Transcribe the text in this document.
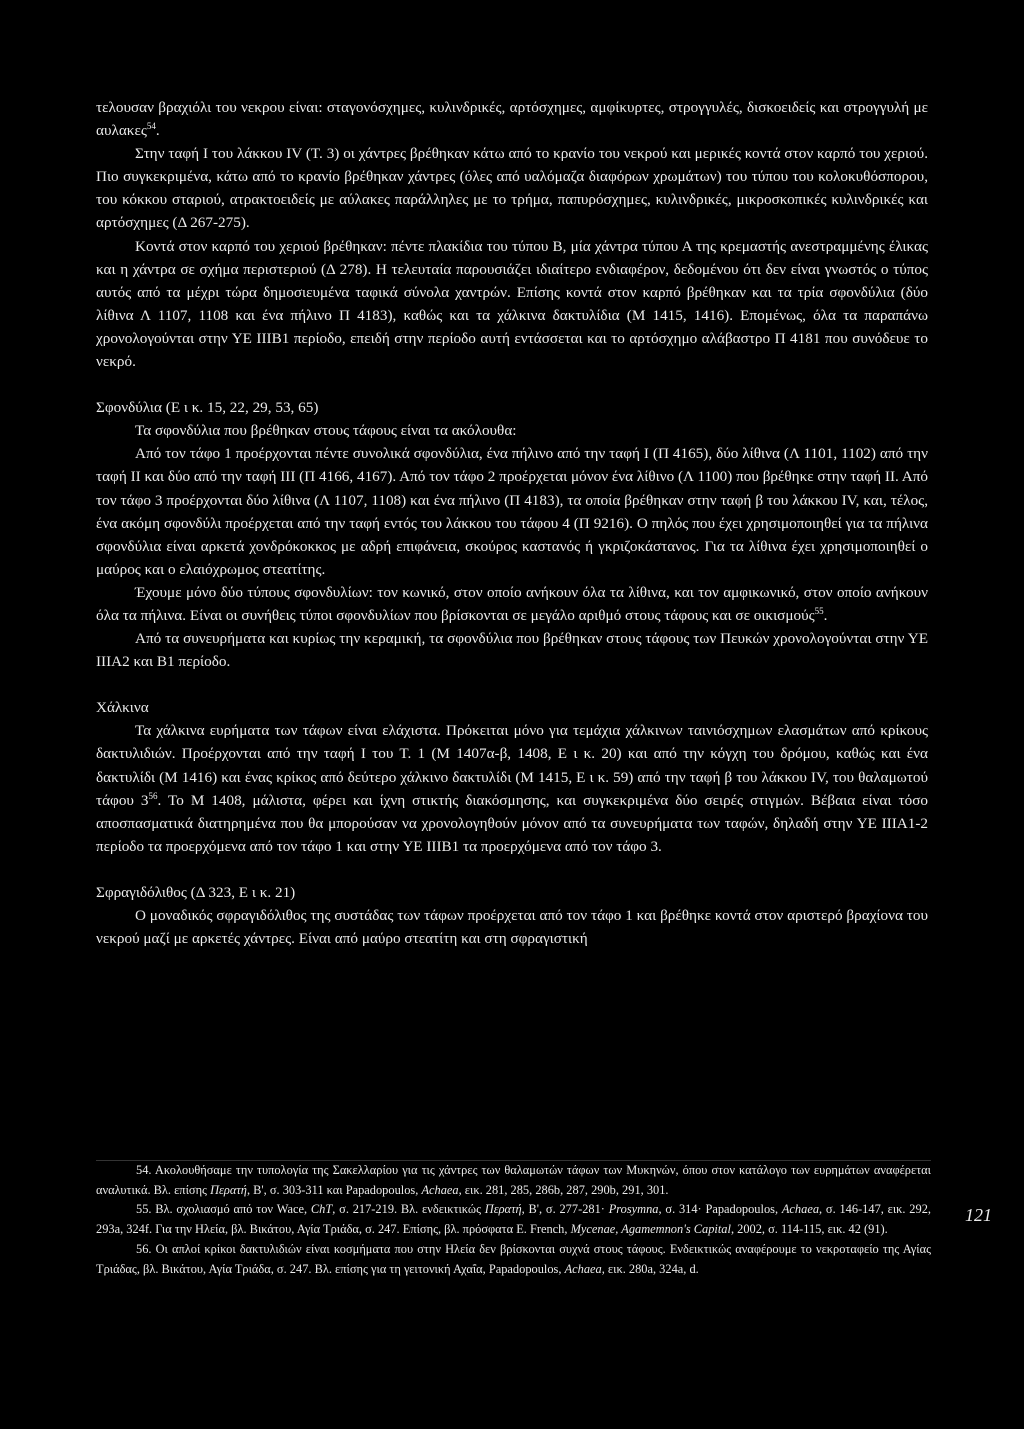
τελουσαν βραχιόλι του νεκρου είναι: σταγονόσχημες, κυλινδρικές, αρτόσχημες, αμφίκυρτες, στρογγυλές, δισκοειδείς και στρογγυλή με αυλακες$^{54}$.

Στην ταφή Ι του λάκκου IV (Τ. 3) οι χάντρες βρέθηκαν κάτω από το κρανίο του νεκρού και μερικές κοντά στον καρπό του χεριού. Πιο συγκεκριμένα, κάτω από το κρανίο βρέθηκαν χάντρες (όλες από υαλόμαζα διαφόρων χρωμάτων) του τύπου του κολοκυθόσπορου, του κόκκου σταριού, ατρακτοειδείς με αύλακες παράλληλες με το τρήμα, παπυρόσχημες, κυλινδρικές, μικροσκοπικές κυλινδρικές και αρτόσχημες (Δ 267-275).

Κοντά στον καρπό του χεριού βρέθηκαν: πέντε πλακίδια του τύπου Β, μία χάντρα τύπου Α της κρεμαστής ανεστραμμένης έλικας και η χάντρα σε σχήμα περιστεριού (Δ 278). Η τελευταία παρουσιάζει ιδιαίτερο ενδιαφέρον, δεδομένου ότι δεν είναι γνωστός ο τύπος αυτός από τα μέχρι τώρα δημοσιευμένα ταφικά σύνολα χαντρών. Επίσης κοντά στον καρπό βρέθηκαν και τα τρία σφονδύλια (δύο λίθινα Λ 1107, 1108 και ένα πήλινο Π 4183), καθώς και τα χάλκινα δακτυλίδια (Μ 1415, 1416). Επομένως, όλα τα παραπάνω χρονολογούνται στην ΥΕ ΙΙΙΒ1 περίοδο, επειδή στην περίοδο αυτή εντάσσεται και το αρτόσχημο αλάβαστρο Π 4181 που συνόδευε το νεκρό.

Σφονδύλια (Ε ι κ. 15, 22, 29, 53, 65)

Τα σφονδύλια που βρέθηκαν στους τάφους είναι τα ακόλουθα:

Από τον τάφο 1 προέρχονται πέντε συνολικά σφονδύλια, ένα πήλινο από την ταφή Ι (Π 4165), δύο λίθινα (Λ 1101, 1102) από την ταφή ΙΙ και δύο από την ταφή ΙΙΙ (Π 4166, 4167). Από τον τάφο 2 προέρχεται μόνον ένα λίθινο (Λ 1100) που βρέθηκε στην ταφή ΙΙ. Από τον τάφο 3 προέρχονται δύο λίθινα (Λ 1107, 1108) και ένα πήλινο (Π 4183), τα οποία βρέθηκαν στην ταφή β του λάκκου IV, και, τέλος, ένα ακόμη σφονδύλι προέρχεται από την ταφή εντός του λάκκου του τάφου 4 (Π 9216). Ο πηλός που έχει χρησιμοποιηθεί για τα πήλινα σφονδύλια είναι αρκετά χονδρόκοκκος με αδρή επιφάνεια, σκούρος καστανός ή γκριζοκάστανος. Για τα λίθινα έχει χρησιμοποιηθεί ο μαύρος και ο ελαιόχρωμος στεατίτης.

Έχουμε μόνο δύο τύπους σφονδυλίων: τον κωνικό, στον οποίο ανήκουν όλα τα λίθινα, και τον αμφικωνικό, στον οποίο ανήκουν όλα τα πήλινα. Είναι οι συνήθεις τύποι σφονδυλίων που βρίσκονται σε μεγάλο αριθμό στους τάφους και σε οικισμούς$^{55}$.

Από τα συνευρήματα και κυρίως την κεραμική, τα σφονδύλια που βρέθηκαν στους τάφους των Πευκών χρονολογούνται στην ΥΕ ΙΙΙΑ2 και Β1 περίοδο.

Χάλκινα

Τα χάλκινα ευρήματα των τάφων είναι ελάχιστα. Πρόκειται μόνο για τεμάχια χάλκινων ταινιόσχημων ελασμάτων από κρίκους δακτυλιδιών. Προέρχονται από την ταφή Ι του Τ. 1 (Μ 1407α-β, 1408, Ε ι κ. 20) και από την κόγχη του δρόμου, καθώς και ένα δακτυλίδι (Μ 1416) και ένας κρίκος από δεύτερο χάλκινο δακτυλίδι (Μ 1415, Ε ι κ. 59) από την ταφή β του λάκκου IV, του θαλαμωτού τάφου $3^{56}$. Το Μ 1408, μάλιστα, φέρει και ίχνη στικτής διακόσμησης, και συγκεκριμένα δύο σειρές στιγμών. Βέβαια είναι τόσο αποσπασματικά διατηρημένα που θα μπορούσαν να χρονολογηθούν μόνον από τα συνευρήματα των ταφών, δηλαδή στην ΥΕ ΙΙΙΑ1-2 περίοδο τα προερχόμενα από τον τάφο 1 και στην ΥΕ ΙΙΙΒ1 τα προερχόμενα από τον τάφο 3.

Σφραγιδόλιθος (Δ 323, Ε ι κ. 21)

Ο μοναδικός σφραγιδόλιθος της συστάδας των τάφων προέρχεται από τον τάφο 1 και βρέθηκε κοντά στον αριστερό βραχίονα του νεκρού μαζί με αρκετές χάντρες. Είναι από μαύρο στεατίτη και στη σφραγιστική

54. Ακολουθήσαμε την τυπολογία της Σακελλαρίου για τις χάντρες των θαλαμωτών τάφων των Μυκηνών, όπου στον κατάλογο των ευρημάτων αναφέρεται αναλυτικά. Βλ. επίσης Περατή, Β', σ. 303-311 και Papadopoulos, Achaea, εικ. 281, 285, 286b, 287, 290b, 291, 301.

55. Βλ. σχολιασμό από τον Wace, ChT, σ. 217-219. Βλ. ενδεικτικώς Περατή, Β', σ. 277-281· Prosymna, σ. 314· Papadopoulos, Achaea, σ. 146-147, εικ. 292, 293a, 324f. Για την Ηλεία, βλ. Βικάτου, Αγία Τριάδα, σ. 247. Επίσης, βλ. πρόσφατα E. French, Mycenae, Agamemnon's Capital, 2002, σ. 114-115, εικ. 42 (91).

56. Οι απλοί κρίκοι δακτυλιδιών είναι κοσμήματα που στην Ηλεία δεν βρίσκονται συχνά στους τάφους. Ενδεικτικώς αναφέρουμε το νεκροταφείο της Αγίας Τριάδας, βλ. Βικάτου, Αγία Τριάδα, σ. 247. Βλ. επίσης για τη γειτονική Αχαΐα, Papadopoulos, Achaea, εικ. 280a, 324a, d.

121
